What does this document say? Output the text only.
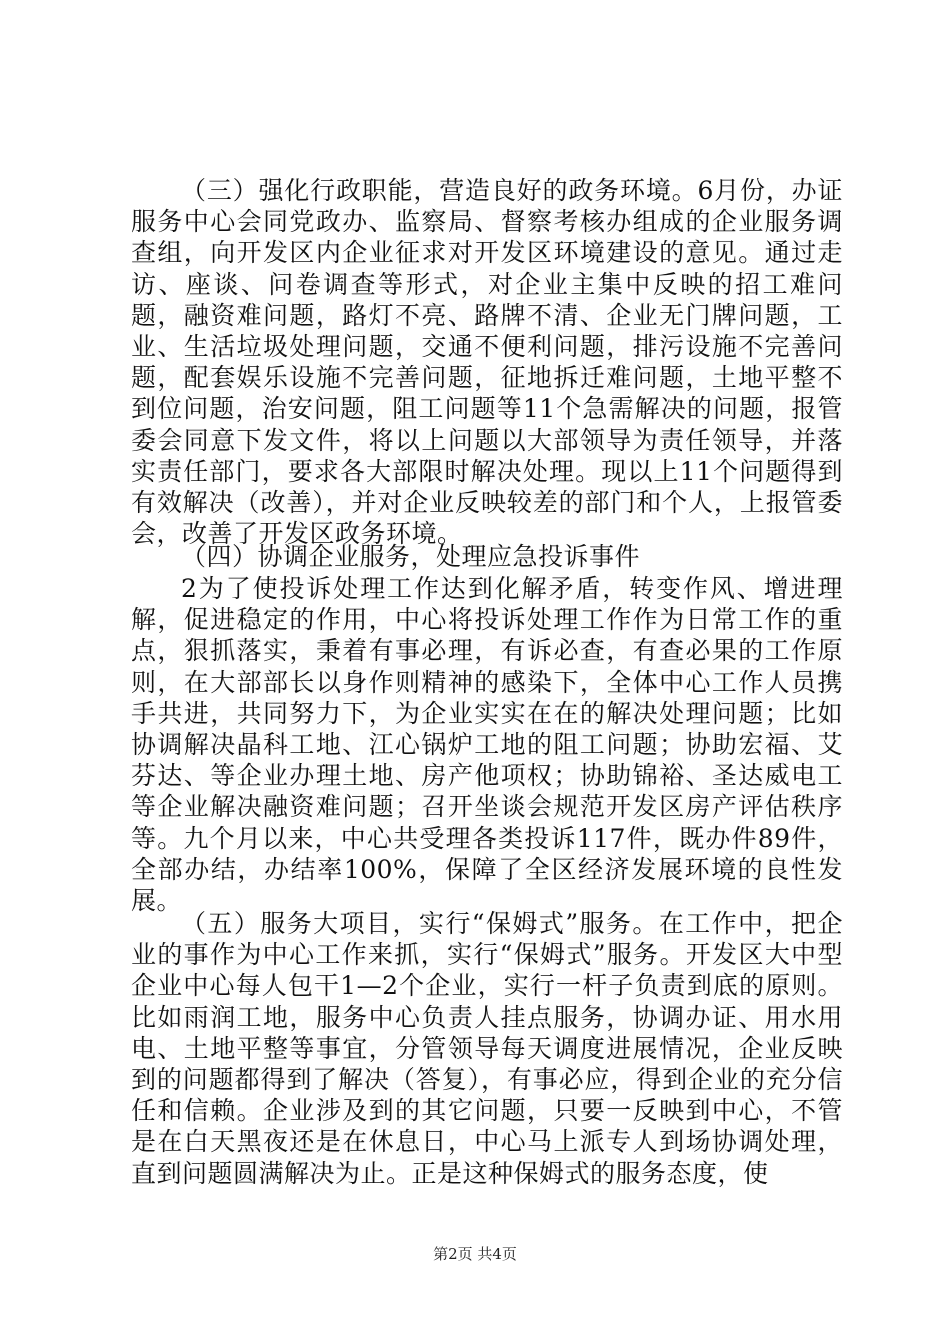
（三）强化行政职能，营造良好的政务环境。6月份，办证服务中心会同党政办、监察局、督察考核办组成的企业服务调查组，向开发区内企业征求对开发区环境建设的意见。通过走访、座谈、问卷调查等形式，对企业主集中反映的招工难问题，融资难问题，路灯不亮、路牌不清、企业无门牌问题，工业、生活垃圾处理问题，交通不便利问题，排污设施不完善问题，配套娱乐设施不完善问题，征地拆迁难问题，土地平整不到位问题，治安问题，阻工问题等11个急需解决的问题，报管委会同意下发文件，将以上问题以大部领导为责任领导，并落实责任部门，要求各大部限时解决处理。现以上11个问题得到有效解决（改善），并对企业反映较差的部门和个人，上报管委会，改善了开发区政务环境。

（四）协调企业服务，处理应急投诉事件

2为了使投诉处理工作达到化解矛盾，转变作风、增进理解，促进稳定的作用，中心将投诉处理工作作为日常工作的重点，狠抓落实，秉着有事必理，有诉必查，有查必果的工作原则，在大部部长以身作则精神的感染下，全体中心工作人员携手共进，共同努力下，为企业实实在在的解决处理问题；比如协调解决晶科工地、江心锅炉工地的阻工问题；协助宏福、艾芬达、等企业办理土地、房产他项权；协助锦裕、圣达威电工等企业解决融资难问题；召开坐谈会规范开发区房产评估秩序等。九个月以来，中心共受理各类投诉117件，既办件89件，全部办结，办结率100%，保障了全区经济发展环境的良性发展。

（五）服务大项目，实行“保姆式”服务。在工作中，把企业的事作为中心工作来抓，实行“保姆式”服务。开发区大中型企业中心每人包干1—2个企业，实行一杆子负责到底的原则。比如雨润工地，服务中心负责人挂点服务，协调办证、用水用电、土地平整等事宜，分管领导每天调度进展情况，企业反映到的问题都得到了解决（答复），有事必应，得到企业的充分信任和信赖。企业涉及到的其它问题，只要一反映到中心，不管是在白天黑夜还是在休息日，中心马上派专人到场协调处理，直到问题圆满解决为止。正是这种保姆式的服务态度，使

第2页 共4页
